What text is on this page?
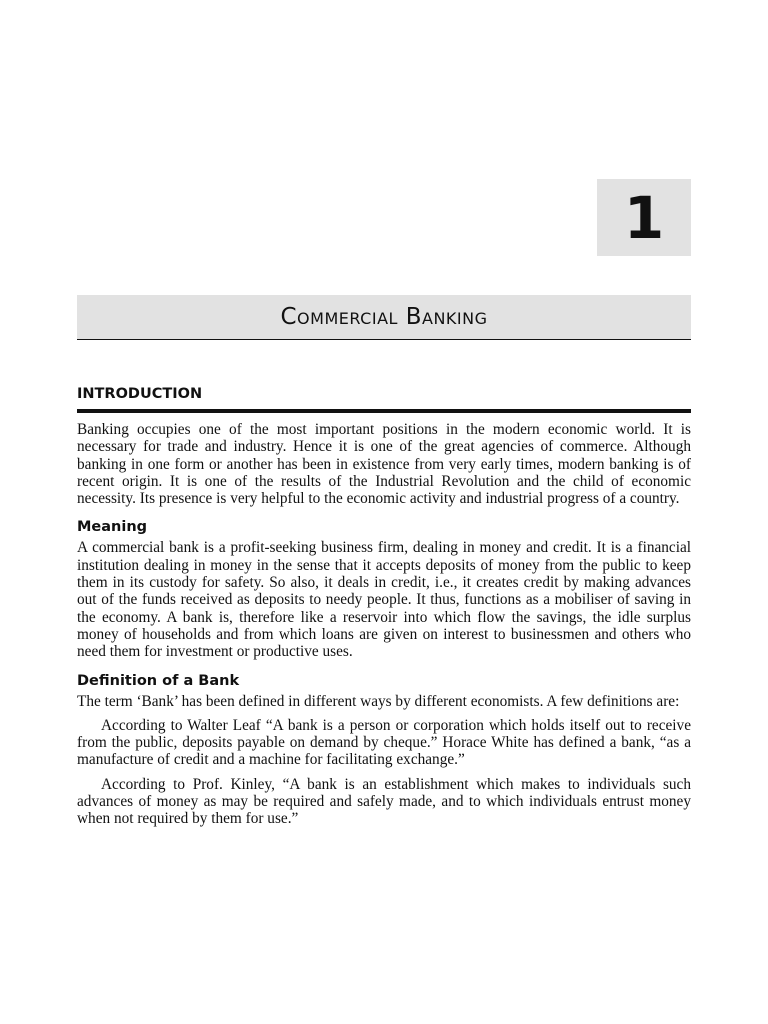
1
Commercial Banking
INTRODUCTION

Banking occupies one of the most important positions in the modern economic world. It is necessary for trade and industry. Hence it is one of the great agencies of commerce. Although banking in one form or another has been in existence from very early times, modern banking is of recent origin. It is one of the results of the Industrial Revolution and the child of economic necessity. Its presence is very helpful to the economic activity and industrial progress of a country.

Meaning

A commercial bank is a profit-seeking business firm, dealing in money and credit. It is a financial institution dealing in money in the sense that it accepts deposits of money from the public to keep them in its custody for safety. So also, it deals in credit, i.e., it creates credit by making advances out of the funds received as deposits to needy people. It thus, functions as a mobiliser of saving in the economy. A bank is, therefore like a reservoir into which flow the savings, the idle surplus money of households and from which loans are given on interest to businessmen and others who need them for investment or productive uses.

Definition of a Bank

The term ‘Bank’ has been defined in different ways by different economists. A few definitions are:

According to Walter Leaf “A bank is a person or corporation which holds itself out to receive from the public, deposits payable on demand by cheque.” Horace White has defined a bank, “as a manufacture of credit and a machine for facilitating exchange.”

According to Prof. Kinley, “A bank is an establishment which makes to individuals such advances of money as may be required and safely made, and to which individuals entrust money when not required by them for use.”
